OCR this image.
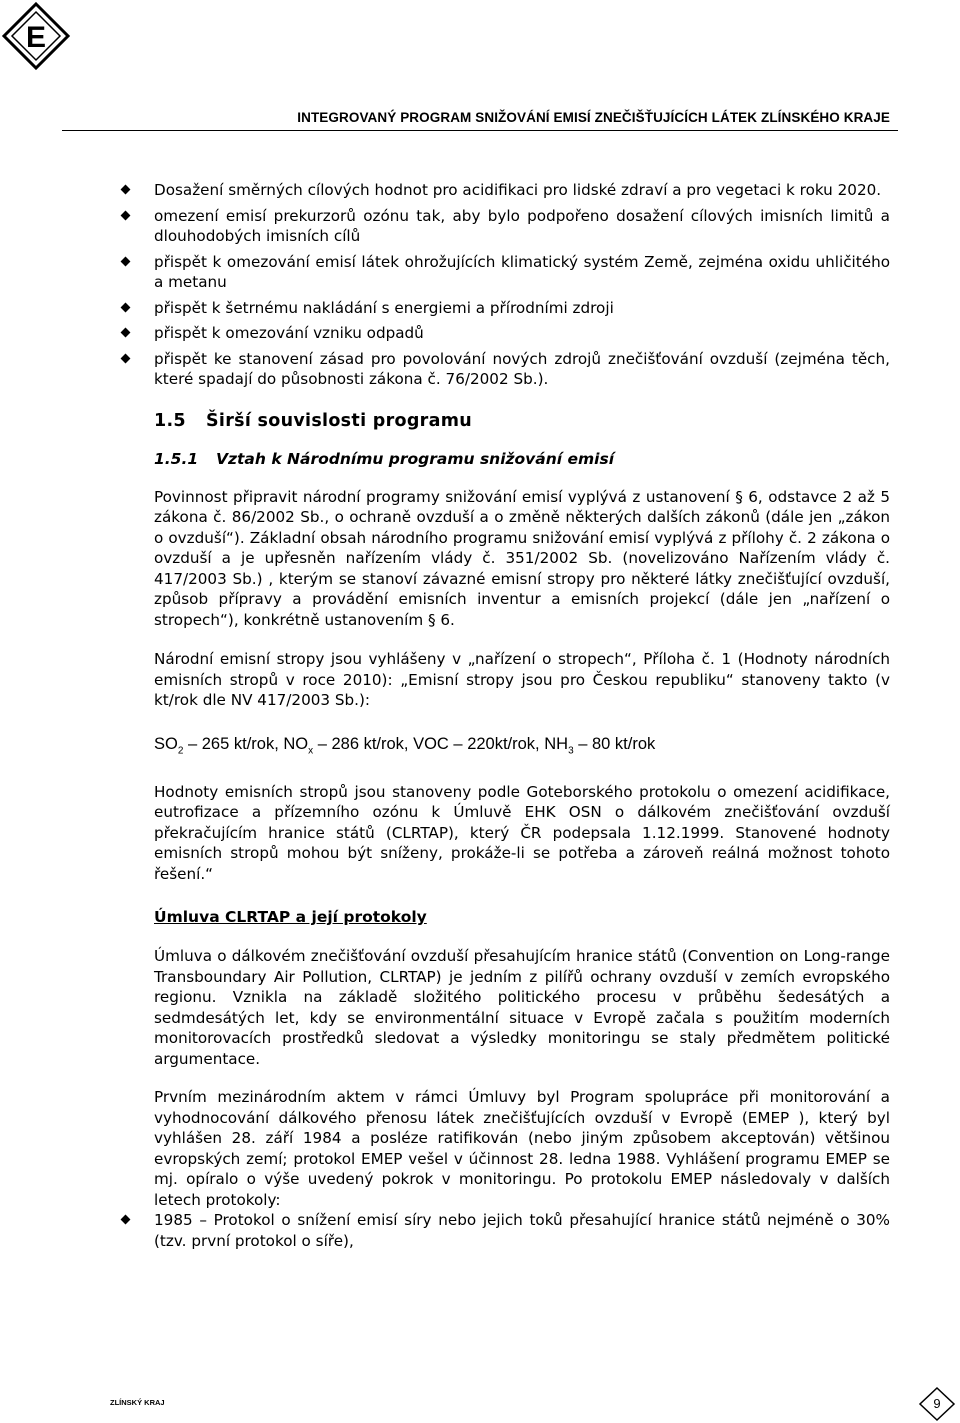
E
INTEGROVANÝ PROGRAM SNIŽOVÁNÍ EMISÍ ZNEČIŠŤUJÍCÍCH LÁTEK ZLÍNSKÉHO KRAJE
Dosažení směrných cílových hodnot pro acidifikaci pro lidské zdraví a pro vegetaci k roku 2020.
omezení emisí prekurzorů ozónu tak, aby bylo podpořeno dosažení cílových imisních limitů a dlouhodobých imisních cílů
přispět k omezování emisí látek ohrožujících klimatický systém Země, zejména oxidu uhličitého a metanu
přispět k šetrnému nakládání s energiemi a přírodními zdroji
přispět k omezování vzniku odpadů
přispět ke stanovení zásad pro povolování nových zdrojů znečišťování ovzduší (zejména těch, které spadají do působnosti zákona č. 76/2002 Sb.).
1.5 Širší souvislosti programu
1.5.1 Vztah k Národnímu programu snižování emisí

Povinnost připravit národní programy snižování emisí vyplývá z ustanovení § 6, odstavce 2 až 5 zákona č. 86/2002 Sb., o ochraně ovzduší a o změně některých dalších zákonů (dále jen „zákon o ovzduší“). Základní obsah národního programu snižování emisí vyplývá z přílohy č. 2 zákona o ovzduší a je upřesněn nařízením vlády č. 351/2002 Sb. (novelizováno Nařízením vlády č. 417/2003 Sb.) , kterým se stanoví závazné emisní stropy pro některé látky znečišťující ovzduší, způsob přípravy a provádění emisních inventur a emisních projekcí (dále jen „nařízení o stropech“), konkrétně ustanovením § 6.

Národní emisní stropy jsou vyhlášeny v „nařízení o stropech“, Příloha č. 1 (Hodnoty národních emisních stropů v roce 2010): „Emisní stropy jsou pro Českou republiku“ stanoveny takto (v kt/rok dle NV 417/2003 Sb.):

$SO_2 - 265$ kt/rok, $NO_x - 286$ kt/rok, VOC – 220kt/rok, $NH_3 - 80$ kt/rok

Hodnoty emisních stropů jsou stanoveny podle Goteborského protokolu o omezení acidifikace, eutrofizace a přízemního ozónu k Úmluvě EHK OSN o dálkovém znečišťování ovzduší překračujícím hranice států (CLRTAP), který ČR podepsala 1.12.1999. Stanovené hodnoty emisních stropů mohou být sníženy, prokáže-li se potřeba a zároveň reálná možnost tohoto řešení.“

Úmluva CLRTAP a její protokoly

Úmluva o dálkovém znečišťování ovzduší přesahujícím hranice států (Convention on Long-range Transboundary Air Pollution, CLRTAP) je jedním z pilířů ochrany ovzduší v zemích evropského regionu. Vznikla na základě složitého politického procesu v průběhu šedesátých a sedmdesátých let, kdy se environmentální situace v Evropě začala s použitím moderních monitorovacích prostředků sledovat a výsledky monitoringu se staly předmětem politické argumentace.

Prvním mezinárodním aktem v rámci Úmluvy byl Program spolupráce při monitorování a vyhodnocování dálkového přenosu látek znečišťujících ovzduší v Evropě (EMEP ), který byl vyhlášen 28. září 1984 a posléze ratifikován (nebo jiným způsobem akceptován) většinou evropských zemí; protokol EMEP vešel v účinnost 28. ledna 1988. Vyhlášení programu EMEP se mj. opíralo o výše uvedený pokrok v monitoringu. Po protokolu EMEP následovaly v dalších letech protokoly:

1985 – Protokol o snížení emisí síry nebo jejich toků přesahující hranice států nejméně o 30% (tzv. první protokol o síře),
ZLÍNSKÝ KRAJ	9
